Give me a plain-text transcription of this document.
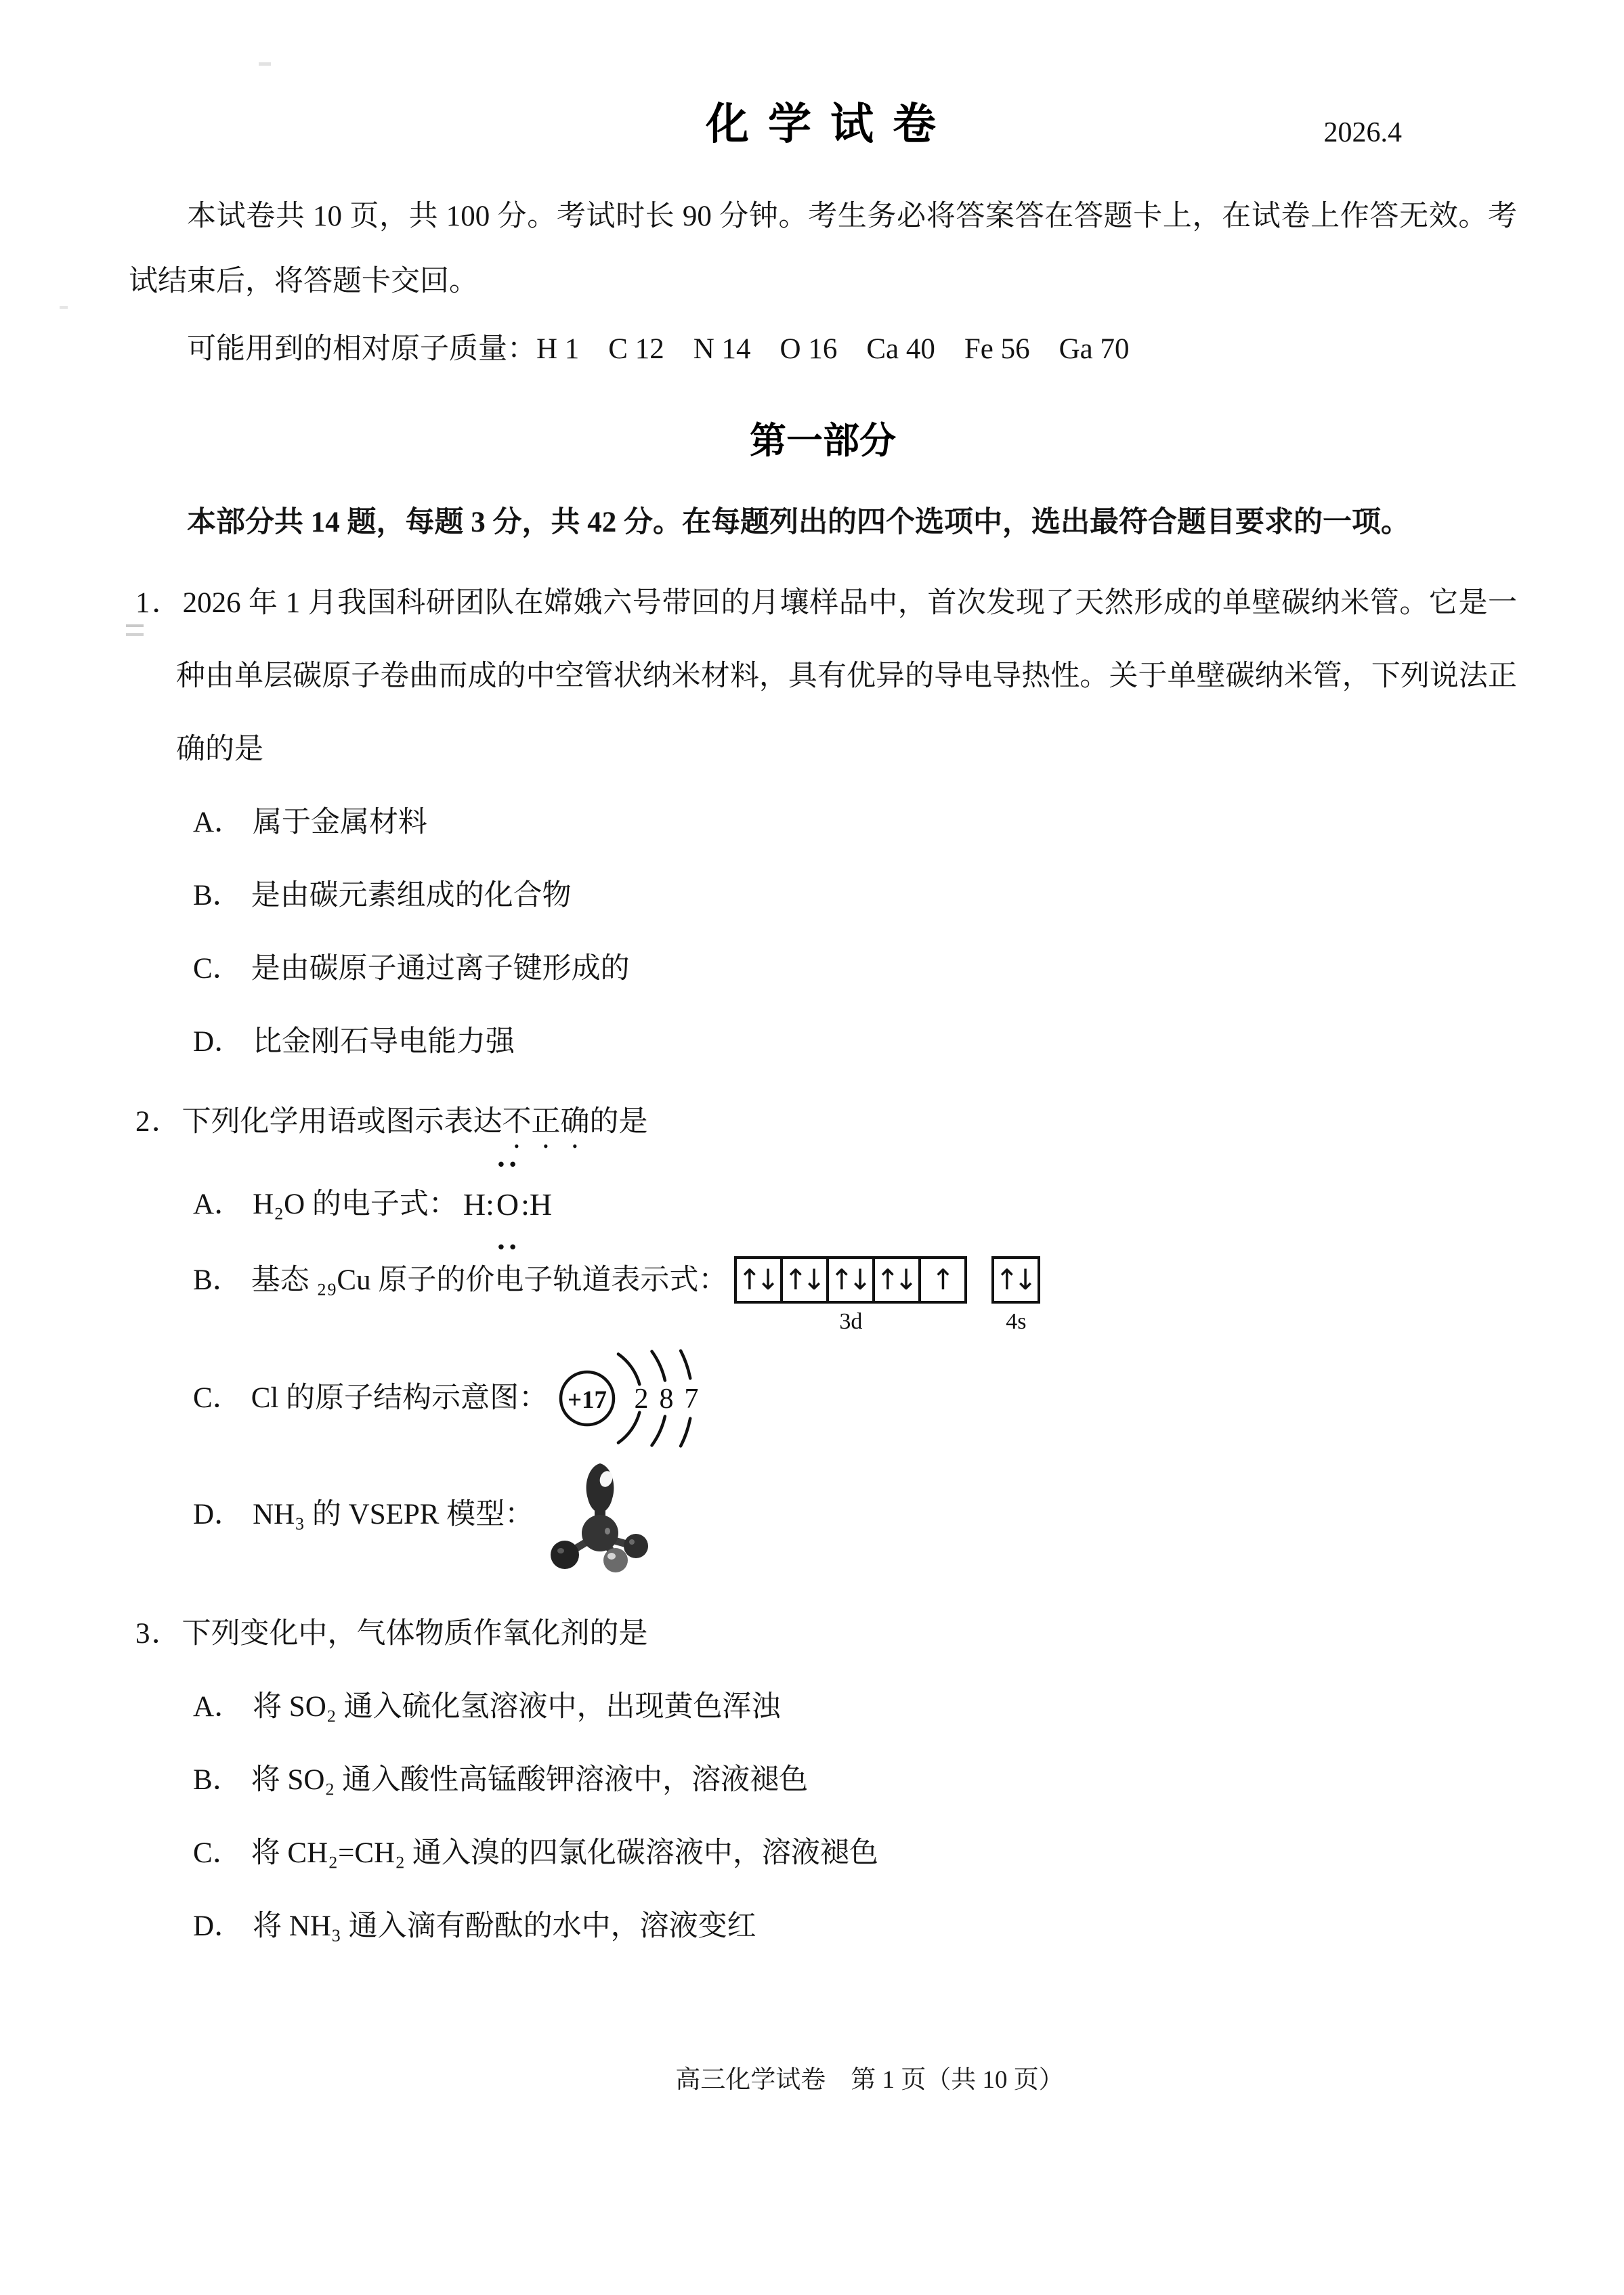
化 学 试 卷	2026.4

本试卷共 10 页，共 100 分。考试时长 90 分钟。考生务必将答案答在答题卡上，在试卷上作答无效。考试结束后，将答题卡交回。

可能用到的相对原子质量：H 1　C 12　N 14　O 16　Ca 40　Fe 56　Ga 70

第一部分

本部分共 14 题，每题 3 分，共 42 分。在每题列出的四个选项中，选出最符合题目要求的一项。

1．2026 年 1 月我国科研团队在嫦娥六号带回的月壤样品中，首次发现了天然形成的单壁碳纳米管。它是一种由单层碳原子卷曲而成的中空管状纳米材料，具有优异的导电导热性。关于单壁碳纳米管，下列说法正确的是
A． 属于金属材料
B． 是由碳元素组成的化合物
C． 是由碳原子通过离子键形成的
D． 比金刚石导电能力强
2．下列化学用语或图示表达不正确的是
A． H₂O 的电子式： H:
••
O
••
:H
B． 基态 ₂₉Cu 原子的价电子轨道表示式： ↑↓ ↑↓ ↑↓ ↑↓ ↑
3d
↑↓
4s
C． Cl 的原子结构示意图： +17 2 8 7
D． NH₃ 的 VSEPR 模型：
3．下列变化中，气体物质作氧化剂的是
A． 将 SO₂ 通入硫化氢溶液中，出现黄色浑浊
B． 将 SO₂ 通入酸性高锰酸钾溶液中，溶液褪色
C． 将 CH₂=CH₂ 通入溴的四氯化碳溶液中，溶液褪色
D． 将 NH₃ 通入滴有酚酞的水中，溶液变红
高三化学试卷　第 1 页（共 10 页）
